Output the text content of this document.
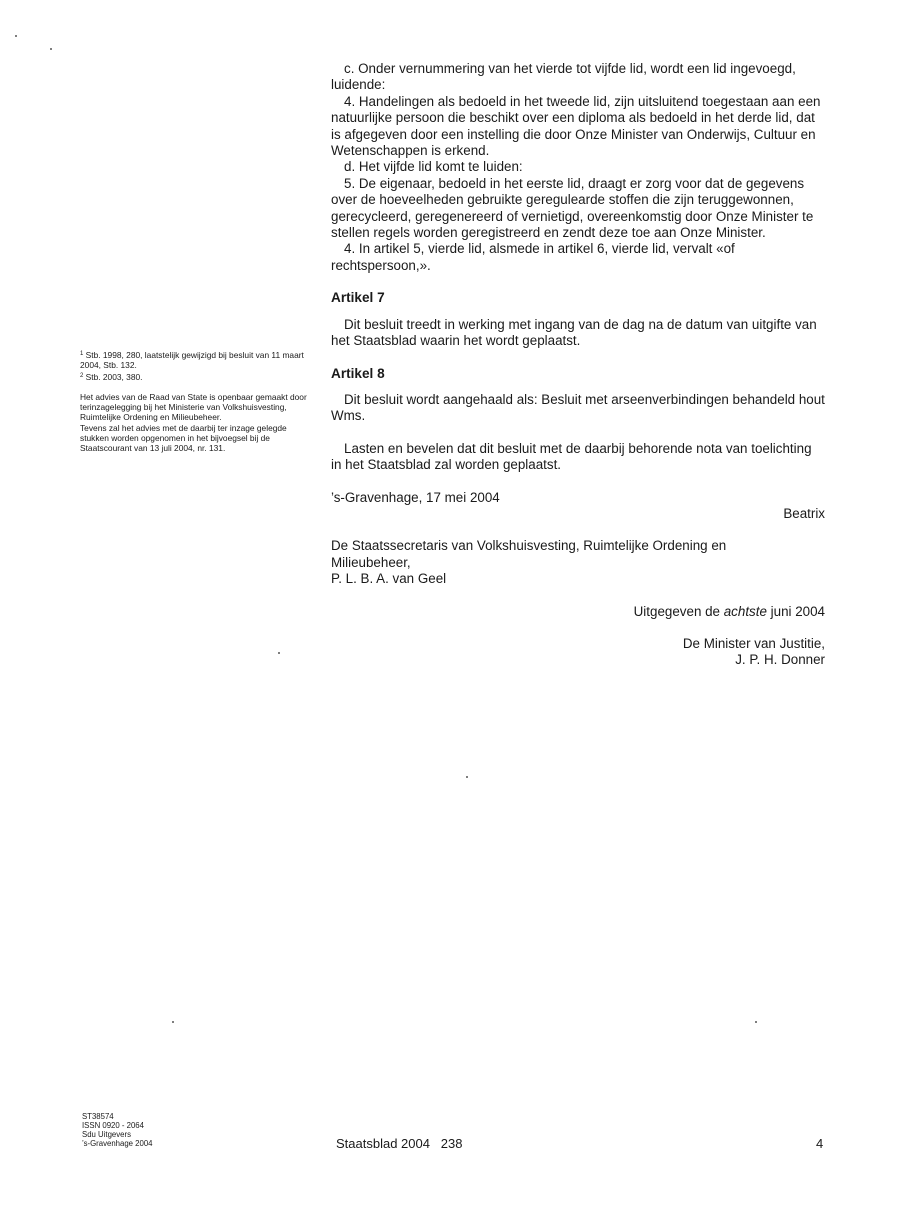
c. Onder vernummering van het vierde tot vijfde lid, wordt een lid ingevoegd, luidende:

4. Handelingen als bedoeld in het tweede lid, zijn uitsluitend toegestaan aan een natuurlijke persoon die beschikt over een diploma als bedoeld in het derde lid, dat is afgegeven door een instelling die door Onze Minister van Onderwijs, Cultuur en Wetenschappen is erkend.

d. Het vijfde lid komt te luiden:

5. De eigenaar, bedoeld in het eerste lid, draagt er zorg voor dat de gegevens over de hoeveelheden gebruikte geregulearde stoffen die zijn teruggewonnen, gerecycleerd, geregenereerd of vernietigd, overeenkomstig door Onze Minister te stellen regels worden geregistreerd en zendt deze toe aan Onze Minister.

4. In artikel 5, vierde lid, alsmede in artikel 6, vierde lid, vervalt «of rechtspersoon,».

Artikel 7

Dit besluit treedt in werking met ingang van de dag na de datum van uitgifte van het Staatsblad waarin het wordt geplaatst.

Artikel 8

Dit besluit wordt aangehaald als: Besluit met arseenverbindingen behandeld hout Wms.

Lasten en bevelen dat dit besluit met de daarbij behorende nota van toelichting in het Staatsblad zal worden geplaatst.

’s-Gravenhage, 17 mei 2004

Beatrix

De Staatssecretaris van Volkshuisvesting, Ruimtelijke Ordening en

Milieubeheer,

P. L. B. A. van Geel

Uitgegeven de achtste juni 2004

De Minister van Justitie,

J. P. H. Donner

$^1$ Stb. 1998, 280, laatstelijk gewijzigd bij besluit van 11 maart 2004, Stb. 132.

$^2$ Stb. 2003, 380.

Het advies van de Raad van State is openbaar gemaakt door terinzagelegging bij het Ministerie van Volkshuisvesting, Ruimtelijke Ordening en Milieubeheer.

Tevens zal het advies met de daarbij ter inzage gelegde stukken worden opgenomen in het bijvoegsel bij de Staatscourant van 13 juli 2004, nr. 131.

ST38574

ISSN 0920 - 2064

Sdu Uitgevers

’s-Gravenhage 2004	Staatsblad 2004   238	4
